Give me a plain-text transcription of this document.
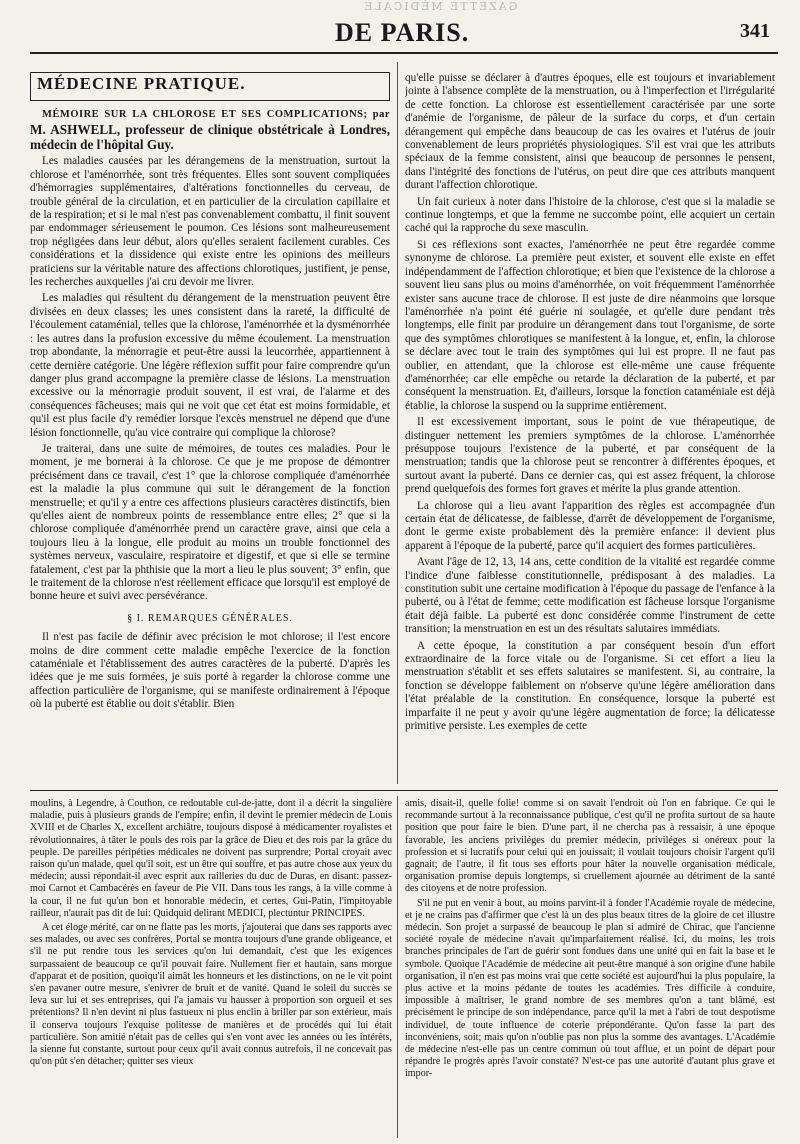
GAZETTE MÉDICALE
DE PARIS.	341
MÉDECINE PRATIQUE.

MÉMOIRE SUR LA CHLOROSE ET SES COMPLICATIONS; par M. ASHWELL, professeur de clinique obstétricale à Londres, médecin de l'hôpital Guy.

Les maladies causées par les dérangemens de la menstruation, surtout la chlorose et l'aménorrhée, sont très fréquentes. Elles sont souvent compliquées d'hémorragies supplémentaires, d'altérations fonctionnelles du cerveau, de trouble général de la circulation, et en particulier de la circulation capillaire et de la respiration; et si le mal n'est pas convenablement combattu, il finit souvent par endommager sérieusement le poumon. Ces lésions sont malheureusement trop négligées dans leur début, alors qu'elles seraient facilement curables. Ces considérations et la dissidence qui existe entre les opinions des meilleurs praticiens sur la véritable nature des affections chlorotiques, justifient, je pense, les recherches auxquelles j'ai cru devoir me livrer.

Les maladies qui résultent du dérangement de la menstruation peuvent être divisées en deux classes; les unes consistent dans la rareté, la difficulté de l'écoulement cataménial, telles que la chlorose, l'aménorrhée et la dysménorrhée : les autres dans la profusion excessive du même écoulement. La menstruation trop abondante, la ménorragie et peut-être aussi la leucorrhée, appartiennent à cette dernière catégorie. Une légère réflexion suffit pour faire comprendre qu'un danger plus grand accompagne la première classe de lésions. La menstruation excessive ou la ménorragie produit souvent, il est vrai, de l'alarme et des conséquences fâcheuses; mais qui ne voit que cet état est moins formidable, et qu'il est plus facile d'y remédier lorsque l'excès menstruel ne dépend que d'une lésion fonctionnelle, qu'au vice contraire qui complique la chlorose?

Je traiterai, dans une suite de mémoires, de toutes ces maladies. Pour le moment, je me bornerai à la chlorose. Ce que je me propose de démontrer précisément dans ce travail, c'est 1° que la chlorose compliquée d'aménorrhée est la maladie la plus commune qui suit le dérangement de la fonction menstruelle; et qu'il y a entre ces affections plusieurs caractères distinctifs, bien qu'elles aient de nombreux points de ressemblance entre elles; 2° que si la chlorose compliquée d'aménorrhée prend un caractère grave, ainsi que cela a toujours lieu à la longue, elle produit au moins un trouble fonctionnel des systèmes nerveux, vasculaire, respiratoire et digestif, et que si elle se termine fatalement, c'est par la phthisie que la mort a lieu le plus souvent; 3° enfin, que le traitement de la chlorose n'est réellement efficace que lorsqu'il est employé de bonne heure et suivi avec persévérance.

§ I. REMARQUES GÉNÉRALES.

Il n'est pas facile de définir avec précision le mot chlorose; il l'est encore moins de dire comment cette maladie empêche l'exercice de la fonction cataméniale et l'établissement des autres caractères de la puberté. D'après les idées que je me suis formées, je suis porté à regarder la chlorose comme une affection particulière de l'organisme, qui se manifeste ordinairement à l'époque où la puberté est établie ou doit s'établir. Bien

qu'elle puisse se déclarer à d'autres époques, elle est toujours et invariablement jointe à l'absence complète de la menstruation, ou à l'imperfection et l'irrégularité de cette fonction. La chlorose est essentiellement caractérisée par une sorte d'anémie de l'organisme, de pâleur de la surface du corps, et d'un certain dérangement qui empêche dans beaucoup de cas les ovaires et l'utérus de jouir convenablement de leurs propriétés physiologiques. S'il est vrai que les attributs spéciaux de la femme consistent, ainsi que beaucoup de personnes le pensent, dans l'intégrité des fonctions de l'utérus, on peut dire que ces attributs manquent durant l'affection chlorotique.

Un fait curieux à noter dans l'histoire de la chlorose, c'est que si la maladie se continue longtemps, et que la femme ne succombe point, elle acquiert un certain caché qui la rapproche du sexe masculin.

Si ces réflexions sont exactes, l'aménorrhée ne peut être regardée comme synonyme de chlorose. La première peut exister, et souvent elle existe en effet indépendamment de l'affection chlorotique; et bien que l'existence de la chlorose a souvent lieu sans plus ou moins d'aménorrhée, on voit fréquemment l'aménorrhée exister sans aucune trace de chlorose. Il est juste de dire néanmoins que lorsque l'aménorrhée n'a point été guérie ni soulagée, et qu'elle dure pendant très longtemps, elle finit par produire un dérangement dans tout l'organisme, de sorte que des symptômes chlorotiques se manifestent à la longue, et, enfin, la chlorose se déclare avec tout le train des symptômes qui lui est propre. Il ne faut pas oublier, en attendant, que la chlorose est elle-même une cause fréquente d'aménorrhée; car elle empêche ou retarde la déclaration de la puberté, et par conséquent la menstruation. Et, d'ailleurs, lorsque la fonction cataméniale est déjà établie, la chlorose la suspend ou la supprime entièrement.

Il est excessivement important, sous le point de vue thérapeutique, de distinguer nettement les premiers symptômes de la chlorose. L'aménorrhée présuppose toujours l'existence de la puberté, et par conséquent de la menstruation; tandis que la chlorose peut se rencontrer à différentes époques, et surtout avant la puberté. Dans ce dernier cas, qui est assez fréquent, la chlorose prend quelquefois des formes fort graves et mérite la plus grande attention.

La chlorose qui a lieu avant l'apparition des règles est accompagnée d'un certain état de délicatesse, de faiblesse, d'arrêt de développement de l'organisme, dont le germe existe probablement dès la première enfance: il devient plus apparent à l'époque de la puberté, parce qu'il acquiert des formes particulières.

Avant l'âge de 12, 13, 14 ans, cette condition de la vitalité est regardée comme l'indice d'une faiblesse constitutionnelle, prédisposant à des maladies. La constitution subit une certaine modification à l'époque du passage de l'enfance à la puberté, ou à l'état de femme; cette modification est fâcheuse lorsque l'organisme était déjà faible. La puberté est donc considérée comme l'instrument de cette transition; la menstruation en est un des résultats salutaires immédiats.

A cette époque, la constitution a par conséquent besoin d'un effort extraordinaire de la force vitale ou de l'organisme. Si cet effort a lieu la menstruation s'établit et ses effets salutaires se manifestent. Si, au contraire, la fonction se développe faiblement on n'observe qu'une légère amélioration dans l'état préalable de la constitution. En conséquence, lorsque la puberté est imparfaite il ne peut y avoir qu'une légère augmentation de force; la délicatesse primitive persiste. Les exemples de cette

moulins, à Legendre, à Couthon, ce redoutable cul-de-jatte, dont il a décrit la singulière maladie, puis à plusieurs grands de l'empire; enfin, il devint le premier médecin de Louis XVIII et de Charles X, excellent archiâtre, toujours disposé à médicamenter royalistes et révolutionnaires, à tâter le pouls des rois par la grâce de Dieu et des rois par la grâce du peuple. De pareilles péripéties médicales ne doivent pas surprendre; Portal croyait avec raison qu'un malade, quel qu'il soit, est un être qui souffre, et pas autre chose aux yeux du médecin; aussi répondait-il avec esprit aux railleries du duc de Duras, en disant: passez-moi Carnot et Cambacérès en faveur de Pie VII. Dans tous les rangs, à la ville comme à la cour, il ne fut qu'un bon et honorable médecin, et certes, Gui-Patin, l'impitoyable railleur, n'aurait pas dit de lui: Quidquid delirant MEDICI, plectuntur PRINCIPES.

A cet éloge mérité, car on ne flatte pas les morts, j'ajouterai que dans ses rapports avec ses malades, ou avec ses confrères, Portal se montra toujours d'une grande obligeance, et s'il ne put rendre tous les services qu'on lui demandait, c'est que les exigences surpassaient de beaucoup ce qu'il pouvait faire. Nullement fier et hautain, sans morgue d'apparat et de position, quoiqu'il aimât les honneurs et les distinctions, on ne le vit point s'en pavaner outre mesure, s'enivrer de bruit et de vanité. Quand le soleil du succès se leva sur lui et ses entreprises, qui l'a jamais vu hausser à proportion son orgueil et ses prétentions? Il n'en devint ni plus fastueux ni plus enclin à briller par son extérieur, mais il conserva toujours l'exquise politesse de manières et de procédés qui lui était particulière. Son amitié n'était pas de celles qui s'en vont avec les années ou les intérêts, la sienne fut constante, surtout pour ceux qu'il avait connus autrefois, il ne concevait pas qu'on pût s'en détacher; quitter ses vieux

amis, disait-il, quelle folie! comme si on savait l'endroit où l'on en fabrique. Ce qui le recommande surtout à la reconnaissance publique, c'est qu'il ne profita surtout de sa haute position que pour faire le bien. D'une part, il ne chercha pas à ressaisir, à une époque favorable, les anciens priviléges du premier médecin, priviléges si onéreux pour la profession et si lucratifs pour celui qui en jouissait; il voulait toujours choisir l'argent qu'il gagnait; de l'autre, il fit tous ses efforts pour hâter la nouvelle organisation médicale, organisation promise depuis longtemps, si cruellement ajournée au détriment de la santé des citoyens et de notre profession.

S'il ne put en venir à bout, au moins parvint-il à fonder l'Académie royale de médecine, et je ne crains pas d'affirmer que c'est là un des plus beaux titres de la gloire de cet illustre médecin. Son projet a surpassé de beaucoup le plan si admiré de Chirac, que l'ancienne société royale de médecine n'avait qu'imparfaitement réalisé. Ici, du moins, les trois branches principales de l'art de guérir sont fondues dans une unité qui en fait la base et le symbole. Quoique l'Académie de médecine ait peut-être manqué à son origine d'une habile organisation, il n'en est pas moins vrai que cette société est aujourd'hui la plus populaire, la plus active et la moins pédante de toutes les académies. Très difficile à conduire, impossible à maîtriser, le grand nombre de ses membres qu'on a tant blâmé, est précisément le principe de son indépendance, parce qu'il la met à l'abri de tout despotisme individuel, de toute influence de coterie prépondérante. Qu'on fasse la part des inconvéniens, soit; mais qu'on n'oublie pas non plus la somme des avantages. L'Académie de médecine n'est-elle pas un centre commun où tout afflue, et un point de départ pour répandre le progrès après l'avoir constaté? N'est-ce pas une autorité d'autant plus grave et impor-
